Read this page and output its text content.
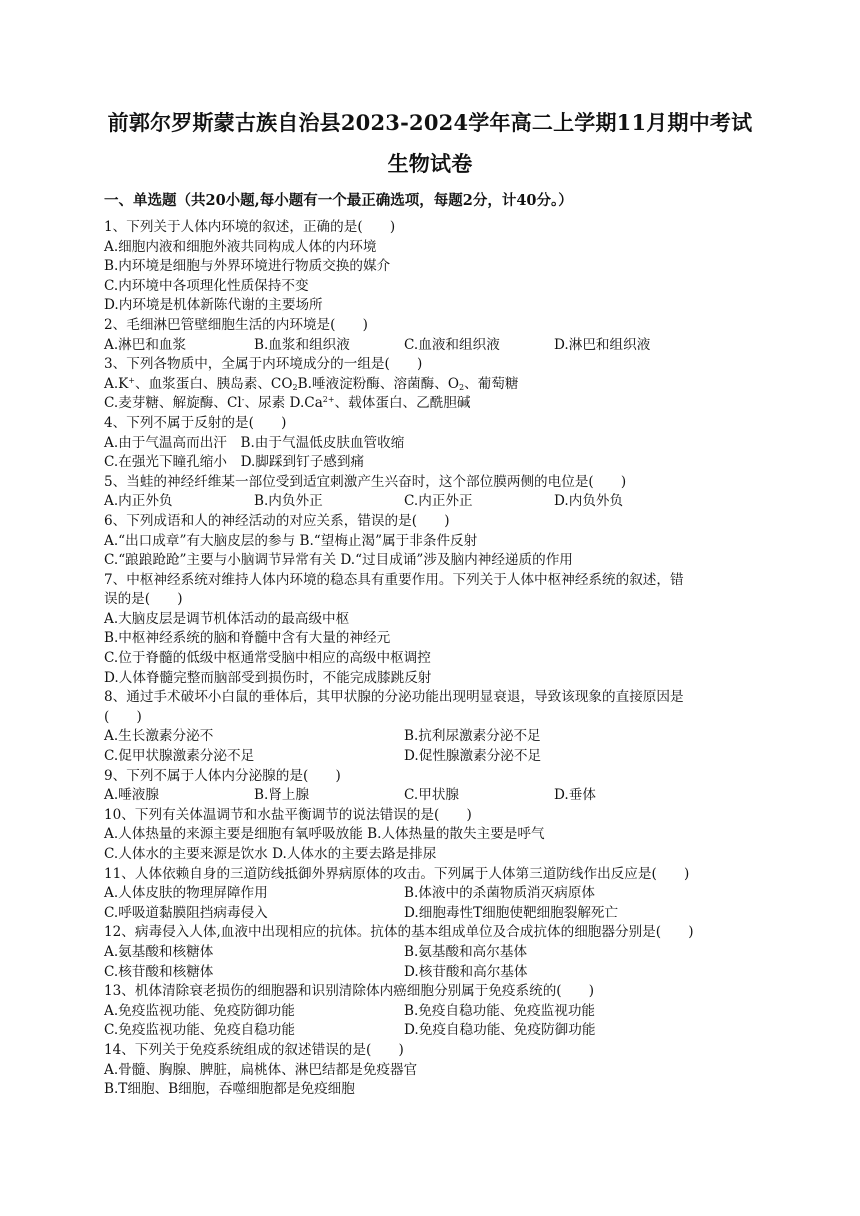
前郭尔罗斯蒙古族自治县2023-2024学年高二上学期11月期中考试
生物试卷
一、单选题（共20小题,每小题有一个最正确选项，每题2分，计40分。）
1、下列关于人体内环境的叙述，正确的是(　　)
A.细胞内液和细胞外液共同构成人体的内环境
B.内环境是细胞与外界环境进行物质交换的媒介
C.内环境中各项理化性质保持不变
D.内环境是机体新陈代谢的主要场所
2、毛细淋巴管壁细胞生活的内环境是(　　)
A.淋巴和血浆	B.血浆和组织液	C.血液和组织液	D.淋巴和组织液
3、下列各物质中，全属于内环境成分的一组是(　　)
A.K+、血浆蛋白、胰岛素、$CO_2B$.唾液淀粉酶、溶菌酶、$O_2$、葡萄糖
C.麦芽糖、解旋酶、Cl-、尿素 $D.Ca^{2+}$、载体蛋白、乙酰胆碱
4、下列不属于反射的是(　　)
A.由于气温高而出汗　B.由于气温低皮肤血管收缩
C.在强光下瞳孔缩小　D.脚踩到钉子感到痛
5、当蛙的神经纤维某一部位受到适宜刺激产生兴奋时，这个部位膜两侧的电位是(　　)
A.内正外负	B.内负外正	C.内正外正	D.内负外负
6、下列成语和人的神经活动的对应关系，错误的是(　　)
A.“出口成章”有大脑皮层的参与 B.“望梅止渴”属于非条件反射
C.“踉踉跄跄”主要与小脑调节异常有关 D.“过目成诵”涉及脑内神经递质的作用
7、中枢神经系统对维持人体内环境的稳态具有重要作用。下列关于人体中枢神经系统的叙述，错
误的是(　　)
A.大脑皮层是调节机体活动的最高级中枢
B.中枢神经系统的脑和脊髓中含有大量的神经元
C.位于脊髓的低级中枢通常受脑中相应的高级中枢调控
D.人体脊髓完整而脑部受到损伤时，不能完成膝跳反射
8、通过手术破坏小白鼠的垂体后，其甲状腺的分泌功能出现明显衰退，导致该现象的直接原因是
(　　)
A.生长激素分泌不	B.抗利尿激素分泌不足
C.促甲状腺激素分泌不足	D.促性腺激素分泌不足
9、下列不属于人体内分泌腺的是(　　)
A.唾液腺	B.肾上腺	C.甲状腺	D.垂体
10、下列有关体温调节和水盐平衡调节的说法错误的是(　　)
A.人体热量的来源主要是细胞有氧呼吸放能 B.人体热量的散失主要是呼气
C.人体水的主要来源是饮水 D.人体水的主要去路是排尿
11、人体依赖自身的三道防线抵御外界病原体的攻击。下列属于人体第三道防线作出反应是(　　)
A.人体皮肤的物理屏障作用	B.体液中的杀菌物质消灭病原体
C.呼吸道黏膜阻挡病毒侵入	D.细胞毒性T细胞使靶细胞裂解死亡
12、病毒侵入人体,血液中出现相应的抗体。抗体的基本组成单位及合成抗体的细胞器分别是(　　)
A.氨基酸和核糖体	B.氨基酸和高尔基体
C.核苷酸和核糖体	D.核苷酸和高尔基体
13、机体清除衰老损伤的细胞器和识别清除体内癌细胞分别属于免疫系统的(　　)
A.免疫监视功能、免疫防御功能	B.免疫自稳功能、免疫监视功能
C.免疫监视功能、免疫自稳功能	D.免疫自稳功能、免疫防御功能
14、下列关于免疫系统组成的叙述错误的是(　　)
A.骨髓、胸腺、脾脏，扁桃体、淋巴结都是免疫器官
B.T细胞、B细胞，吞噬细胞都是免疫细胞
